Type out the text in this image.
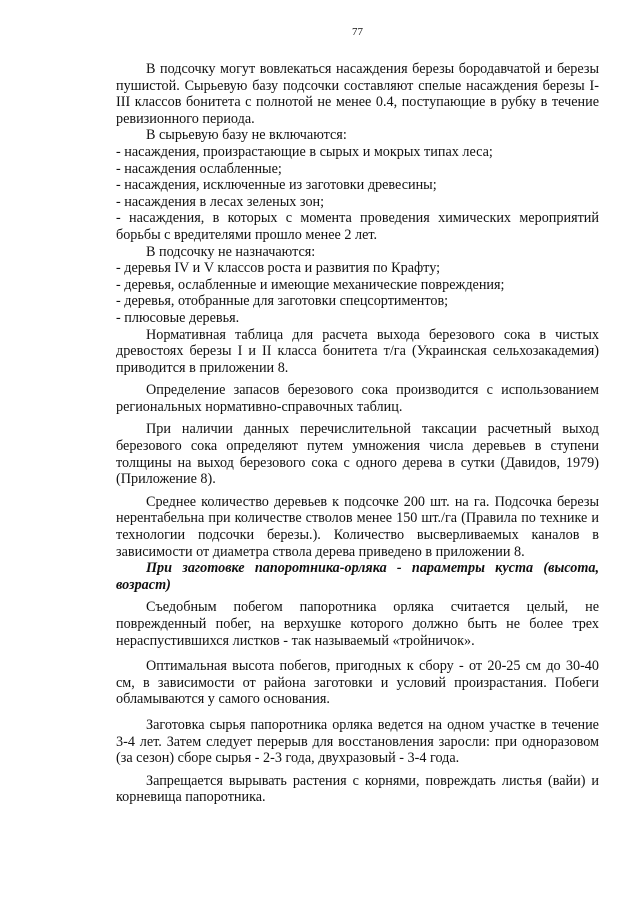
77

В подсочку могут вовлекаться насаждения березы бородавчатой и березы пушистой. Сырьевую базу подсочки составляют спелые насаждения березы I-III классов бонитета с полнотой не менее 0.4, поступающие в рубку в течение ревизионного периода.

В сырьевую базу не включаются:

- насаждения, произрастающие в сырых и мокрых типах леса;

- насаждения ослабленные;

- насаждения, исключенные из заготовки древесины;

- насаждения в лесах зеленых зон;

- насаждения, в которых с момента проведения химических мероприятий борьбы с вредителями прошло менее 2 лет.

В подсочку не назначаются:

- деревья IV и V классов роста и развития по Крафту;

- деревья, ослабленные и имеющие механические повреждения;

- деревья, отобранные для заготовки спецсортиментов;

- плюсовые деревья.

Нормативная таблица для расчета выхода березового сока в чистых древостоях березы I и II класса бонитета т/га (Украинская сельхозакадемия) приводится в приложении 8.

Определение запасов березового сока производится с использованием региональных нормативно-справочных таблиц.

При наличии данных перечислительной таксации расчетный выход березового сока определяют путем умножения числа деревьев в ступени толщины на выход березового сока с одного дерева в сутки (Давидов, 1979) (Приложение 8).

Среднее количество деревьев к подсочке 200 шт. на га. Подсочка березы нерентабельна при количестве стволов менее 150 шт./га (Правила по технике и технологии подсочки березы.). Количество высверливаемых каналов в зависимости от диаметра ствола дерева приведено в приложении 8.

При заготовке папоротника-орляка - параметры куста (высота, возраст)

Съедобным побегом папоротника орляка считается целый, не поврежденный побег, на верхушке которого должно быть не более трех нераспустившихся листков - так называемый «тройничок».

Оптимальная высота побегов, пригодных к сбору - от 20-25 см до 30-40 см, в зависимости от района заготовки и условий произрастания. Побеги обламываются у самого основания.

Заготовка сырья папоротника орляка ведется на одном участке в течение 3-4 лет. Затем следует перерыв для восстановления заросли: при одноразовом (за сезон) сборе сырья - 2-3 года, двухразовый - 3-4 года.

Запрещается вырывать растения с корнями, повреждать листья (вайи) и корневища папоротника.
